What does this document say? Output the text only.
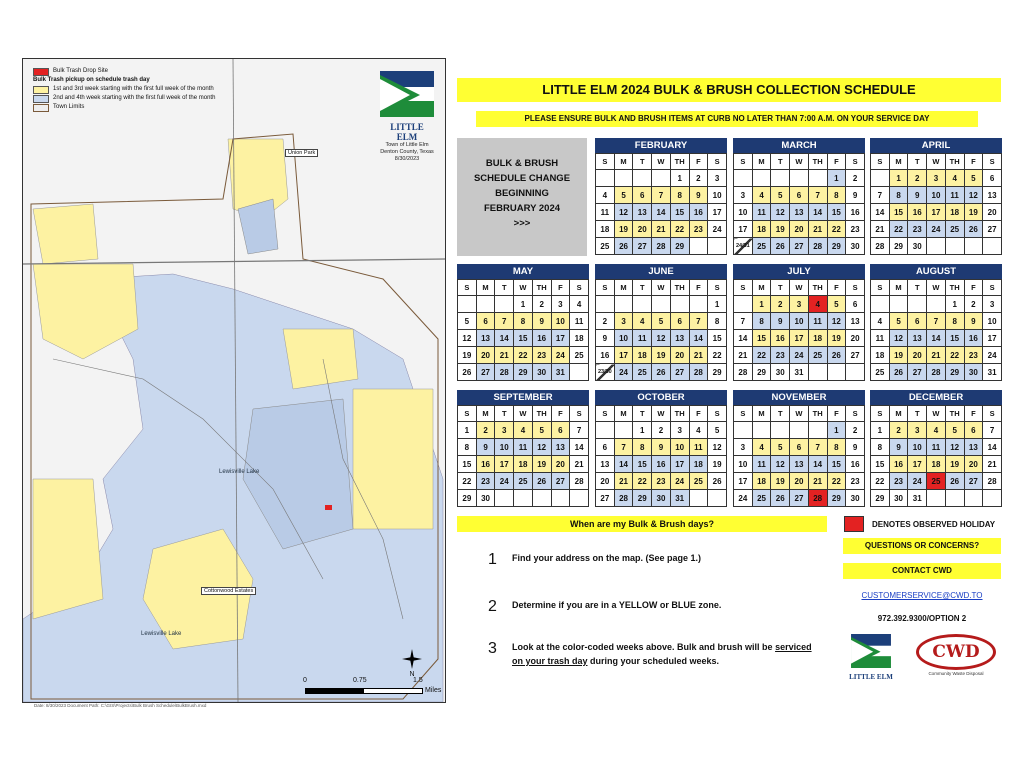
Bulk Trash Drop Site
Bulk Trash pickup on schedule trash day
1st and 3rd week starting with the first full week of the month
2nd and 4th week starting with the first full week of the month
Town Limits
LITTLE ELM
Town of Little Elm
Denton County, Texas
8/30/2023
Union Park
Lewisville Lake
Lewisville Lake
Cottonwood Estates
N
0	0.75	1.5
Miles
Date: 8/30/2023 Document Path: C:\GIS\Projects\Bulk Brush Schedule\BulkBrush.mxd
LITTLE ELM 2024 BULK & BRUSH COLLECTION SCHEDULE
PLEASE ENSURE BULK AND BRUSH ITEMS AT CURB NO LATER THAN 7:00 A.M. ON YOUR SERVICE DAY
BULK & BRUSH
SCHEDULE CHANGE
BEGINNING
FEBRUARY 2024
>>>
FEBRUARY
S	M	T	W	TH	F	S
				1	2	3
4	5	6	7	8	9	10
11	12	13	14	15	16	17
18	19	20	21	22	23	24
25	26	27	28	29		
MARCH
S	M	T	W	TH	F	S
					1	2
3	4	5	6	7	8	9
10	11	12	13	14	15	16
17	18	19	20	21	22	23
24/31	25	26	27	28	29	30
APRIL
S	M	T	W	TH	F	S
	1	2	3	4	5	6
7	8	9	10	11	12	13
14	15	16	17	18	19	20
21	22	23	24	25	26	27
28	29	30				
MAY
S	M	T	W	TH	F	S
			1	2	3	4
5	6	7	8	9	10	11
12	13	14	15	16	17	18
19	20	21	22	23	24	25
26	27	28	29	30	31	
JUNE
S	M	T	W	TH	F	S
						1
2	3	4	5	6	7	8
9	10	11	12	13	14	15
16	17	18	19	20	21	22
23/30	24	25	26	27	28	29
JULY
S	M	T	W	TH	F	S
	1	2	3	4	5	6
7	8	9	10	11	12	13
14	15	16	17	18	19	20
21	22	23	24	25	26	27
28	29	30	31			
AUGUST
S	M	T	W	TH	F	S
				1	2	3
4	5	6	7	8	9	10
11	12	13	14	15	16	17
18	19	20	21	22	23	24
25	26	27	28	29	30	31
SEPTEMBER
S	M	T	W	TH	F	S
1	2	3	4	5	6	7
8	9	10	11	12	13	14
15	16	17	18	19	20	21
22	23	24	25	26	27	28
29	30					
OCTOBER
S	M	T	W	TH	F	S
		1	2	3	4	5
6	7	8	9	10	11	12
13	14	15	16	17	18	19
20	21	22	23	24	25	26
27	28	29	30	31		
NOVEMBER
S	M	T	W	TH	F	S
					1	2
3	4	5	6	7	8	9
10	11	12	13	14	15	16
17	18	19	20	21	22	23
24	25	26	27	28	29	30
DECEMBER
S	M	T	W	TH	F	S
1	2	3	4	5	6	7
8	9	10	11	12	13	14
15	16	17	18	19	20	21
22	23	24	25	26	27	28
29	30	31				
When are my Bulk & Brush days?	DENOTES OBSERVED HOLIDAY
QUESTIONS OR CONCERNS?
CONTACT CWD
CUSTOMERSERVICE@CWD.TO
972.392.9300/OPTION 2
1 Find your address on the map. (See page 1.)
2 Determine if you are in a YELLOW or BLUE zone.
3 Look at the color-coded weeks above. Bulk and brush will be serviced on your trash day during your scheduled weeks.
LITTLE ELM
CWD
Community Waste Disposal
